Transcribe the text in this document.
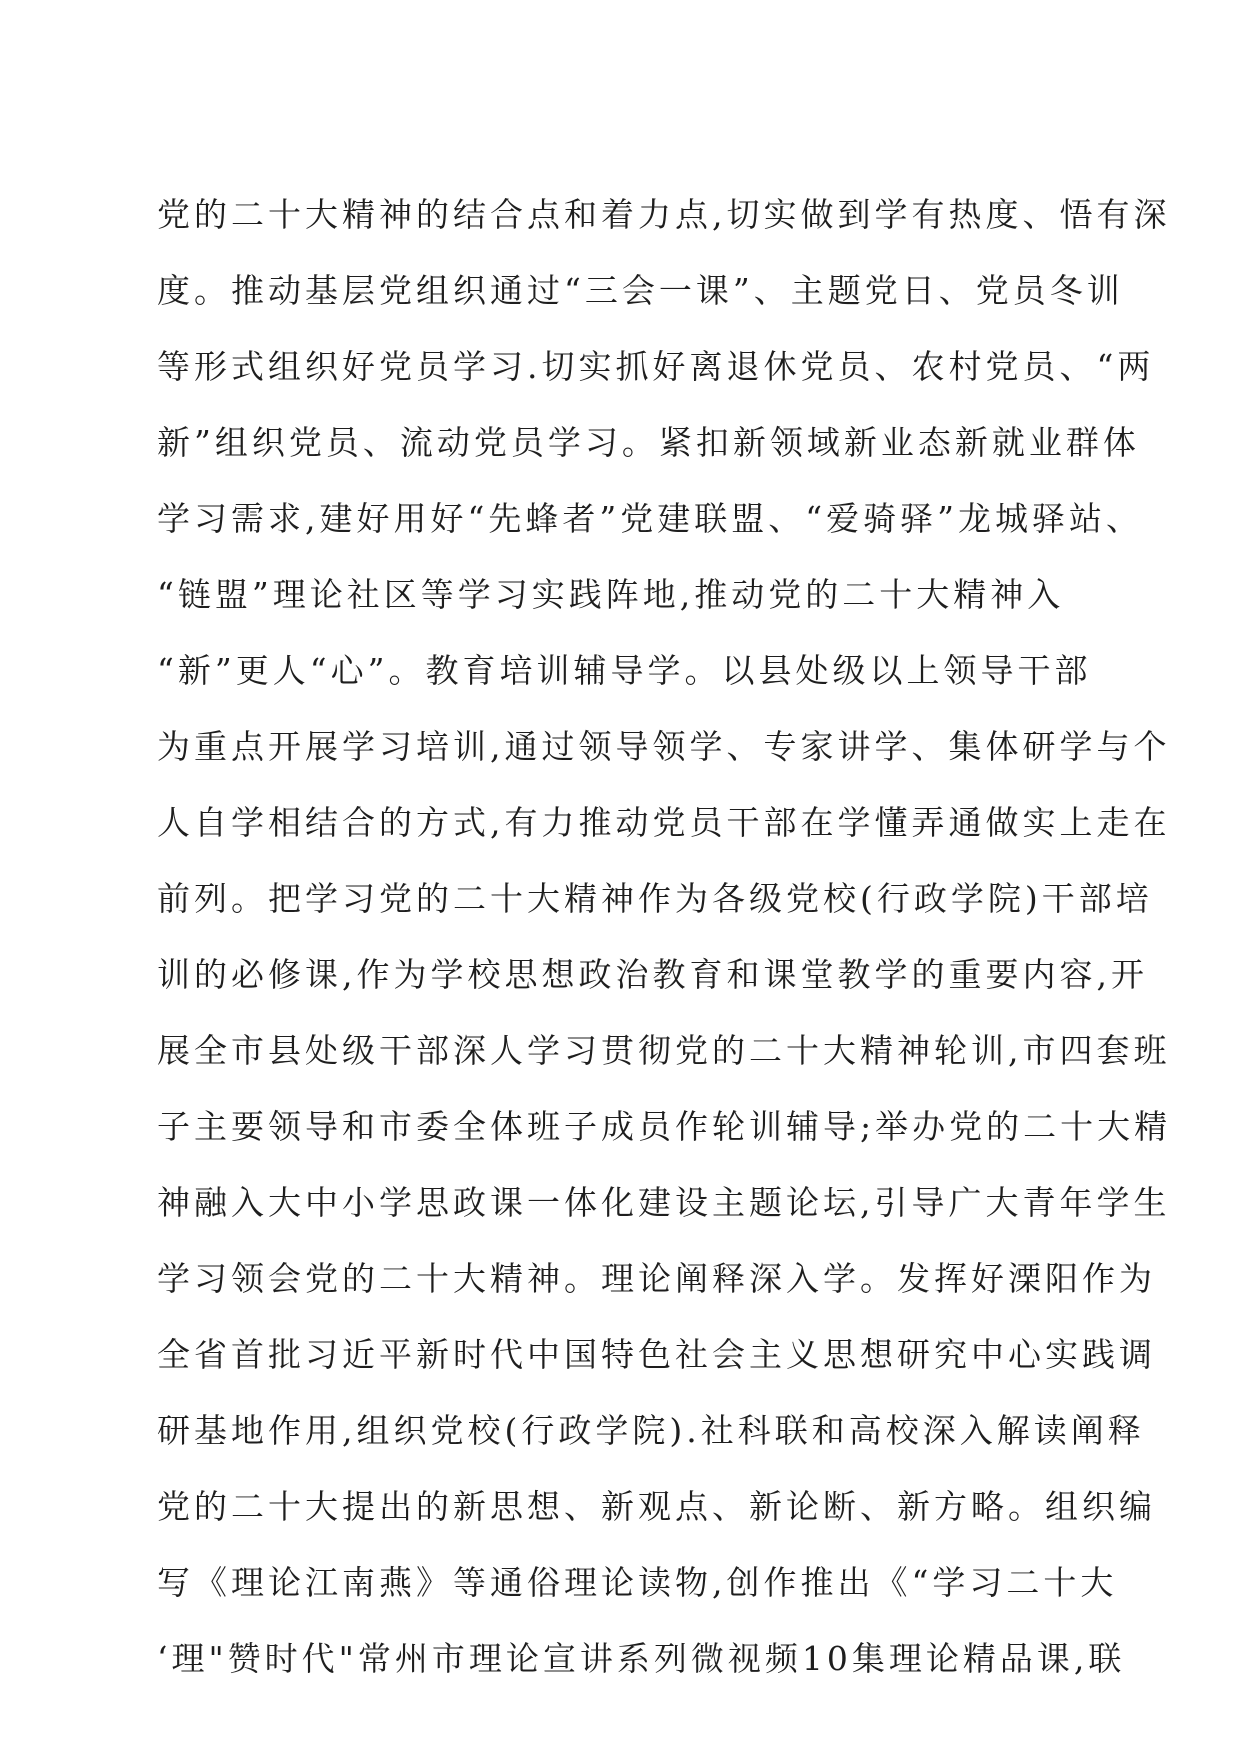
党的二十大精神的结合点和着力点,切实做到学有热度、悟有深
度。推动基层党组织通过“三会一课”、主题党日、党员冬训
等形式组织好党员学习.切实抓好离退休党员、农村党员、“两
新”组织党员、流动党员学习。紧扣新领域新业态新就业群体
学习需求,建好用好“先蜂者”党建联盟、“爱骑驿”龙城驿站、
“链盟”理论社区等学习实践阵地,推动党的二十大精神入
“新”更人“心”。教育培训辅导学。以县处级以上领导干部
为重点开展学习培训,通过领导领学、专家讲学、集体研学与个
人自学相结合的方式,有力推动党员干部在学懂弄通做实上走在
前列。把学习党的二十大精神作为各级党校(行政学院)干部培
训的必修课,作为学校思想政治教育和课堂教学的重要内容,开
展全市县处级干部深人学习贯彻党的二十大精神轮训,市四套班
子主要领导和市委全体班子成员作轮训辅导;举办党的二十大精
神融入大中小学思政课一体化建设主题论坛,引导广大青年学生
学习领会党的二十大精神。理论阐释深入学。发挥好溧阳作为
全省首批习近平新时代中国特色社会主义思想研究中心实践调
研基地作用,组织党校(行政学院).社科联和高校深入解读阐释
党的二十大提出的新思想、新观点、新论断、新方略。组织编
写《理论江南燕》等通俗理论读物,创作推出《“学习二十大
‘理"赞时代"常州市理论宣讲系列微视频10集理论精品课,联
